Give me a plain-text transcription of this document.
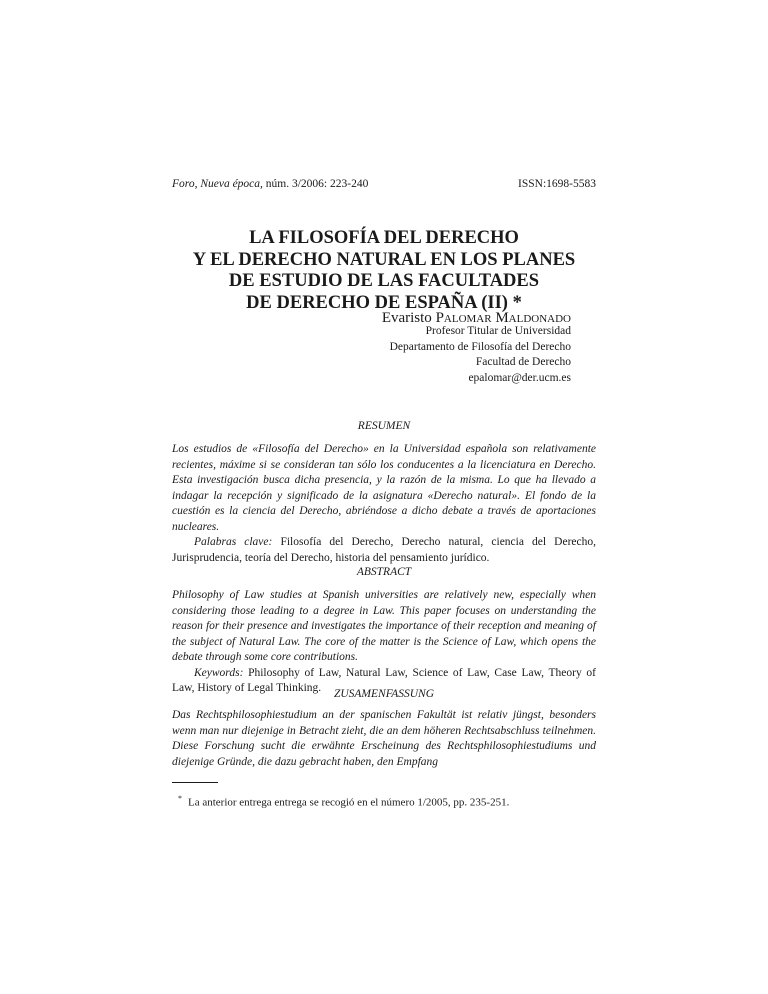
Foro, Nueva época, núm. 3/2006: 223-240	ISSN:1698-5583
LA FILOSOFÍA DEL DERECHO
Y EL DERECHO NATURAL EN LOS PLANES
DE ESTUDIO DE LAS FACULTADES
DE DERECHO DE ESPAÑA (II) *
Evaristo Palomar Maldonado
Profesor Titular de Universidad
Departamento de Filosofía del Derecho
Facultad de Derecho
epalomar@der.ucm.es
RESUMEN
Los estudios de «Filosofía del Derecho» en la Universidad española son relativamente recientes, máxime si se consideran tan sólo los conducentes a la licenciatura en Derecho. Esta investigación busca dicha presencia, y la razón de la misma. Lo que ha llevado a indagar la recepción y significado de la asignatura «Derecho natural». El fondo de la cuestión es la ciencia del Derecho, abriéndose a dicho debate a través de aportaciones nucleares.
Palabras clave: Filosofía del Derecho, Derecho natural, ciencia del Derecho, Jurisprudencia, teoría del Derecho, historia del pensamiento jurídico.
ABSTRACT
Philosophy of Law studies at Spanish universities are relatively new, especially when considering those leading to a degree in Law. This paper focuses on understanding the reason for their presence and investigates the importance of their reception and meaning of the subject of Natural Law. The core of the matter is the Science of Law, which opens the debate through some core contributions.
Keywords: Philosophy of Law, Natural Law, Science of Law, Case Law, Theory of Law, History of Legal Thinking.	ZUSAMENFASSUNG
Das Rechtsphilosophiestudium an der spanischen Fakultät ist relativ jüngst, besonders wenn man nur diejenige in Betracht zieht, die an dem höheren Rechtsabschluss teilnehmen. Diese Forschung sucht die erwähnte Erscheinung des Rechtsphilosophiestudiums und diejenige Gründe, die dazu gebracht haben, den Empfang
* La anterior entrega entrega se recogió en el número 1/2005, pp. 235-251.
